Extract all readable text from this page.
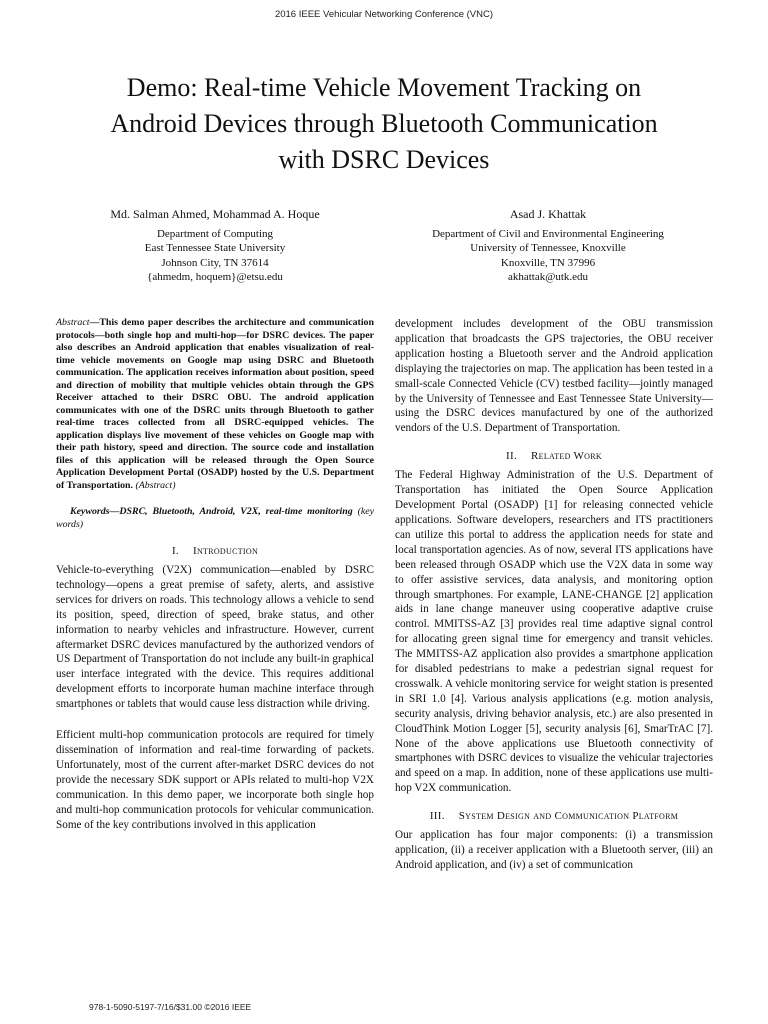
2016 IEEE Vehicular Networking Conference (VNC)
Demo: Real-time Vehicle Movement Tracking on
Android Devices through Bluetooth Communication
with DSRC Devices
Md. Salman Ahmed, Mohammad A. Hoque
Department of Computing
East Tennessee State University
Johnson City, TN 37614
{ahmedm, hoquem}@etsu.edu
Asad J. Khattak
Department of Civil and Environmental Engineering
University of Tennessee, Knoxville
Knoxville, TN 37996
akhattak@utk.edu

Abstract—This demo paper describes the architecture and communication protocols—both single hop and multi-hop—for DSRC devices. The paper also describes an Android application that enables visualization of real-time vehicle movements on Google map using DSRC and Bluetooth communication. The application receives information about position, speed and direction of mobility that multiple vehicles obtain through the GPS Receiver attached to their DSRC OBU. The android application communicates with one of the DSRC units through Bluetooth to gather real-time traces collected from all DSRC-equipped vehicles. The application displays live movement of these vehicles on Google map with their path history, speed and direction. The source code and installation files of this application will be released through the Open Source Application Development Portal (OSADP) hosted by the U.S. Department of Transportation. (Abstract)

Keywords—DSRC, Bluetooth, Android, V2X, real-time monitoring (key words)

I. Introduction

Vehicle-to-everything (V2X) communication—enabled by DSRC technology—opens a great premise of safety, alerts, and assistive services for drivers on roads. This technology allows a vehicle to send its position, speed, direction of speed, brake status, and other information to nearby vehicles and infrastructure. However, current aftermarket DSRC devices manufactured by the authorized vendors of US Department of Transportation do not include any built-in graphical user interface integrated with the device. This requires additional development efforts to incorporate human machine interface through smartphones or tablets that would cause less distraction while driving.

Efficient multi-hop communication protocols are required for timely dissemination of information and real-time forwarding of packets. Unfortunately, most of the current after-market DSRC devices do not provide the necessary SDK support or APIs related to multi-hop V2X communication. In this demo paper, we incorporate both single hop and multi-hop communication protocols for vehicular communication. Some of the key contributions involved in this application

development includes development of the OBU transmission application that broadcasts the GPS trajectories, the OBU receiver application hosting a Bluetooth server and the Android application displaying the trajectories on map. The application has been tested in a small-scale Connected Vehicle (CV) testbed facility—jointly managed by the University of Tennessee and East Tennessee State University—using the DSRC devices manufactured by one of the authorized vendors of the U.S. Department of Transportation.

II. Related Work

The Federal Highway Administration of the U.S. Department of Transportation has initiated the Open Source Application Development Portal (OSADP) [1] for releasing connected vehicle applications. Software developers, researchers and ITS practitioners can utilize this portal to address the application needs for state and local transportation agencies. As of now, several ITS applications have been released through OSADP which use the V2X data in some way to offer assistive services, data analysis, and monitoring option through smartphones. For example, LANE-CHANGE [2] application aids in lane change maneuver using cooperative adaptive cruise control. MMITSS-AZ [3] provides real time adaptive signal control for allocating green signal time for emergency and transit vehicles. The MMITSS-AZ application also provides a smartphone application for disabled pedestrians to make a pedestrian signal request for crosswalk. A vehicle monitoring service for weight station is presented in SRI 1.0 [4]. Various analysis applications (e.g. motion analysis, security analysis, driving behavior analysis, etc.) are also presented in CloudThink Motion Logger [5], security analysis [6], SmarTrAC [7]. None of the above applications use Bluetooth connectivity of smartphones with DSRC devices to visualize the vehicular trajectories and speed on a map. In addition, none of these applications use multi-hop V2X communication.

III. System Design and Communication Platform

Our application has four major components: (i) a transmission application, (ii) a receiver application with a Bluetooth server, (iii) an Android application, and (iv) a set of communication

978-1-5090-5197-7/16/$31.00 ©2016 IEEE
